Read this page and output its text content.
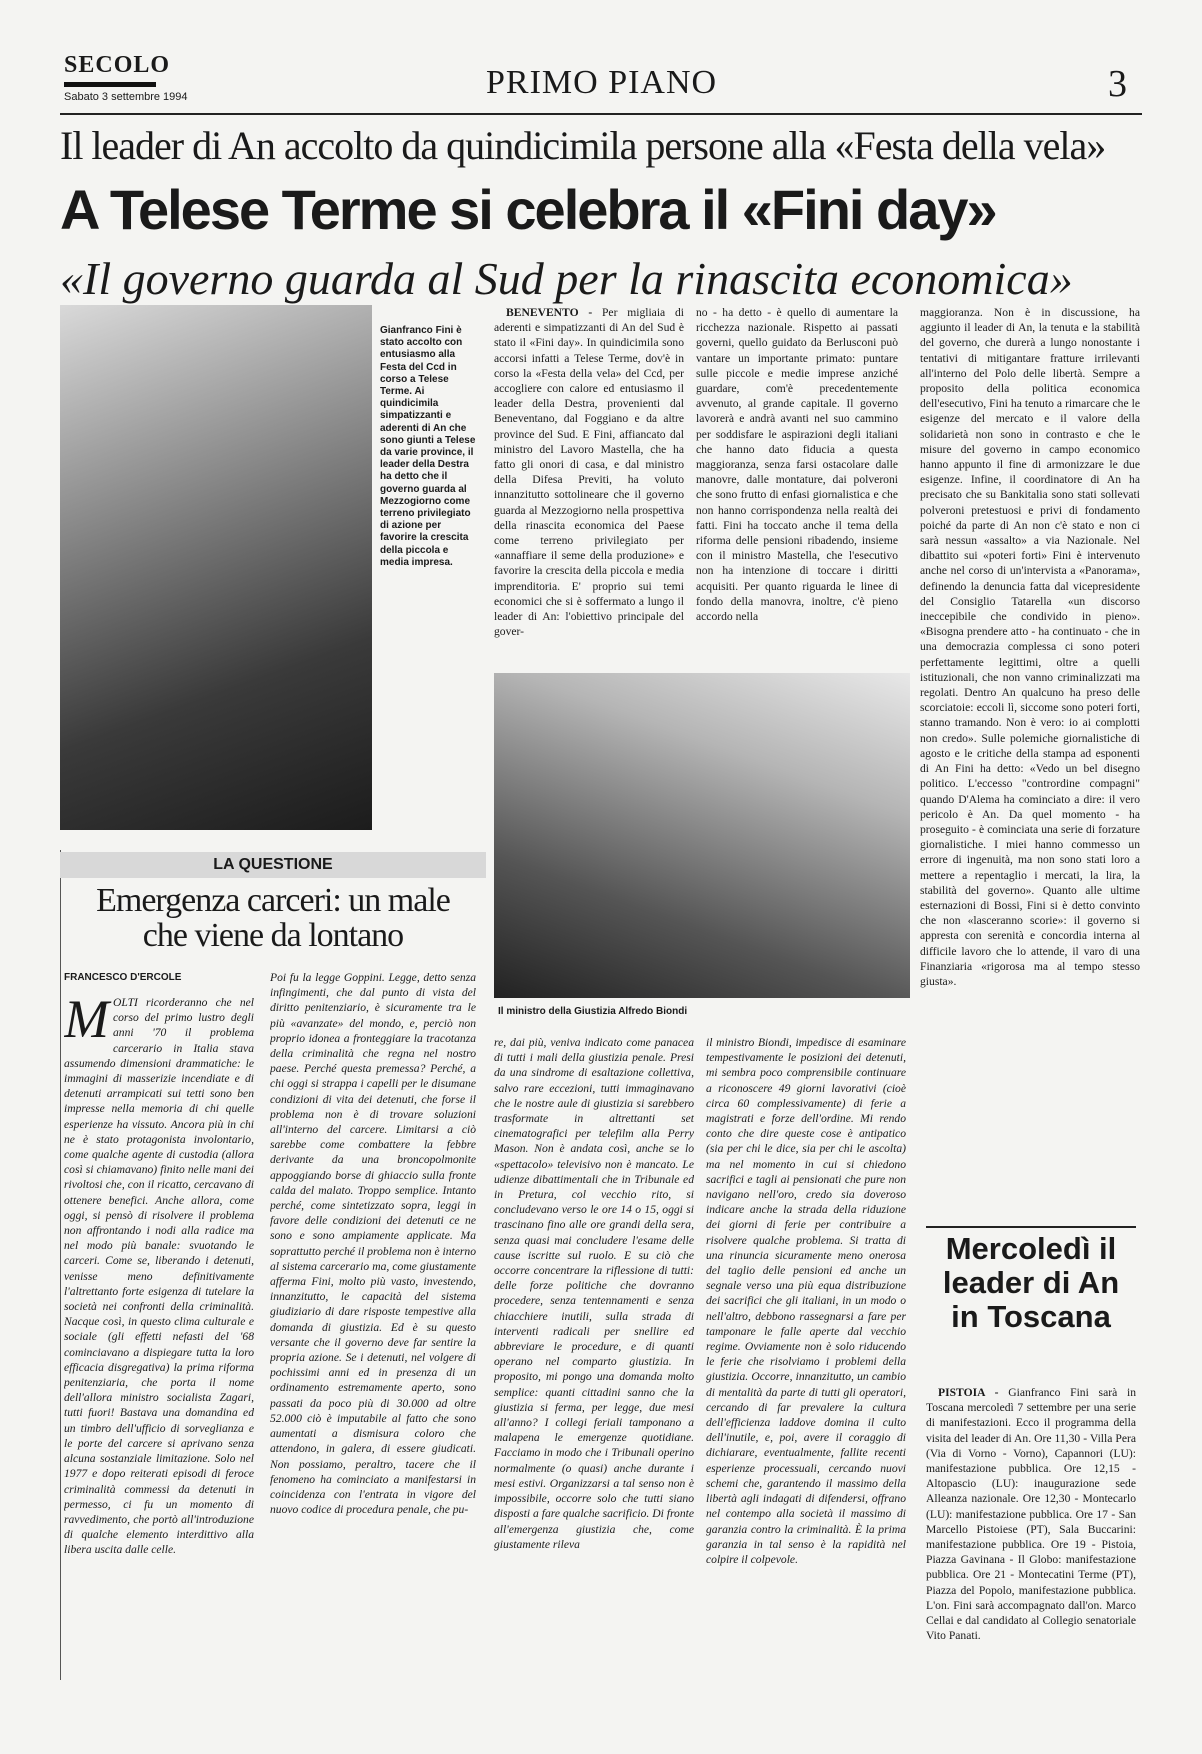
SECOLO
Sabato 3 settembre 1994	PRIMO PIANO	3
Il leader di An accolto da quindicimila persone alla «Festa della vela»
A Telese Terme si celebra il «Fini day»
«Il governo guarda al Sud per la rinascita economica»
Gianfranco Fini è stato accolto con entusiasmo alla Festa del Ccd in corso a Telese Terme. Ai quindicimila simpatizzanti e aderenti di An che sono giunti a Telese da varie province, il leader della Destra ha detto che il governo guarda al Mezzogiorno come terreno privilegiato di azione per favorire la crescita della piccola e media impresa.

BENEVENTO - Per migliaia di aderenti e simpatizzanti di An del Sud è stato il «Fini day». In quindicimila sono accorsi infatti a Telese Terme, dov'è in corso la «Festa della vela» del Ccd, per accogliere con calore ed entusiasmo il leader della Destra, provenienti dal Beneventano, dal Foggiano e da altre province del Sud. E Fini, affiancato dal ministro del Lavoro Mastella, che ha fatto gli onori di casa, e dal ministro della Difesa Previti, ha voluto innanzitutto sottolineare che il governo guarda al Mezzogiorno nella prospettiva della rinascita economica del Paese come terreno privilegiato per «annaffiare il seme della produzione» e favorire la crescita della piccola e media imprenditoria. E' proprio sui temi economici che si è soffermato a lungo il leader di An: l'obiettivo principale del gover-

no - ha detto - è quello di aumentare la ricchezza nazionale. Rispetto ai passati governi, quello guidato da Berlusconi può vantare un importante primato: puntare sulle piccole e medie imprese anziché guardare, com'è precedentemente avvenuto, al grande capitale. Il governo lavorerà e andrà avanti nel suo cammino per soddisfare le aspirazioni degli italiani che hanno dato fiducia a questa maggioranza, senza farsi ostacolare dalle manovre, dalle montature, dai polveroni che sono frutto di enfasi giornalistica e che non hanno corrispondenza nella realtà dei fatti. Fini ha toccato anche il tema della riforma delle pensioni ribadendo, insieme con il ministro Mastella, che l'esecutivo non ha intenzione di toccare i diritti acquisiti. Per quanto riguarda le linee di fondo della manovra, inoltre, c'è pieno accordo nella
maggioranza. Non è in discussione, ha aggiunto il leader di An, la tenuta e la stabilità del governo, che durerà a lungo nonostante i tentativi di mitigantare fratture irrilevanti all'interno del Polo delle libertà. Sempre a proposito della politica economica dell'esecutivo, Fini ha tenuto a rimarcare che le esigenze del mercato e il valore della solidarietà non sono in contrasto e che le misure del governo in campo economico hanno appunto il fine di armonizzare le due esigenze. Infine, il coordinatore di An ha precisato che su Bankitalia sono stati sollevati polveroni pretestuosi e privi di fondamento poiché da parte di An non c'è stato e non ci sarà nessun «assalto» a via Nazionale. Nel dibattito sui «poteri forti» Fini è intervenuto anche nel corso di un'intervista a «Panorama», definendo la denuncia fatta dal vicepresidente del Consiglio Tatarella «un discorso ineccepibile che condivido in pieno». «Bisogna prendere atto - ha continuato - che in una democrazia complessa ci sono poteri perfettamente legittimi, oltre a quelli istituzionali, che non vanno criminalizzati ma regolati. Dentro An qualcuno ha preso delle scorciatoie: eccoli lì, siccome sono poteri forti, stanno tramando. Non è vero: io ai complotti non credo». Sulle polemiche giornalistiche di agosto e le critiche della stampa ad esponenti di An Fini ha detto: «Vedo un bel disegno politico. L'eccesso "contrordine compagni" quando D'Alema ha cominciato a dire: il vero pericolo è An. Da quel momento - ha proseguito - è cominciata una serie di forzature giornalistiche. I miei hanno commesso un errore di ingenuità, ma non sono stati loro a mettere a repentaglio i mercati, la lira, la stabilità del governo». Quanto alle ultime esternazioni di Bossi, Fini si è detto convinto che non «lasceranno scorie»: il governo si appresta con serenità e concordia interna al difficile lavoro che lo attende, il varo di una Finanziaria «rigorosa ma al tempo stesso giusta».
Il ministro della Giustizia Alfredo Biondi
LA QUESTIONE
Emergenza carceri: un male
che viene da lontano
FRANCESCO D'ERCOLE
MOLTI ricorderanno che nel corso del primo lustro degli anni '70 il problema carcerario in Italia stava assumendo dimensioni drammatiche: le immagini di masserizie incendiate e di detenuti arrampicati sui tetti sono ben impresse nella memoria di chi quelle esperienze ha vissuto. Ancora più in chi ne è stato protagonista involontario, come qualche agente di custodia (allora così si chiamavano) finito nelle mani dei rivoltosi che, con il ricatto, cercavano di ottenere benefici. Anche allora, come oggi, si pensò di risolvere il problema non affrontando i nodi alla radice ma nel modo più banale: svuotando le carceri. Come se, liberando i detenuti, venisse meno definitivamente l'altrettanto forte esigenza di tutelare la società nei confronti della criminalità. Nacque così, in questo clima culturale e sociale (gli effetti nefasti del '68 cominciavano a dispiegare tutta la loro efficacia disgregativa) la prima riforma penitenziaria, che porta il nome dell'allora ministro socialista Zagari, tutti fuori! Bastava una domandina ed un timbro dell'ufficio di sorveglianza e le porte del carcere si aprivano senza alcuna sostanziale limitazione. Solo nel 1977 e dopo reiterati episodi di feroce criminalità commessi da detenuti in permesso, ci fu un momento di ravvedimento, che portò all'introduzione di qualche elemento interdittivo alla libera uscita dalle celle.
Poi fu la legge Goppini. Legge, detto senza infingimenti, che dal punto di vista del diritto penitenziario, è sicuramente tra le più «avanzate» del mondo, e, perciò non proprio idonea a fronteggiare la tracotanza della criminalità che regna nel nostro paese. Perché questa premessa? Perché, a chi oggi si strappa i capelli per le disumane condizioni di vita dei detenuti, che forse il problema non è di trovare soluzioni all'interno del carcere. Limitarsi a ciò sarebbe come combattere la febbre derivante da una broncopolmonite appoggiando borse di ghiaccio sulla fronte calda del malato. Troppo semplice. Intanto perché, come sintetizzato sopra, leggi in favore delle condizioni dei detenuti ce ne sono e sono ampiamente applicate. Ma soprattutto perché il problema non è interno al sistema carcerario ma, come giustamente afferma Fini, molto più vasto, investendo, innanzitutto, le capacità del sistema giudiziario di dare risposte tempestive alla domanda di giustizia. Ed è su questo versante che il governo deve far sentire la propria azione. Se i detenuti, nel volgere di pochissimi anni ed in presenza di un ordinamento estremamente aperto, sono passati da poco più di 30.000 ad oltre 52.000 ciò è imputabile al fatto che sono aumentati a dismisura coloro che attendono, in galera, di essere giudicati. Non possiamo, peraltro, tacere che il fenomeno ha cominciato a manifestarsi in coincidenza con l'entrata in vigore del nuovo codice di procedura penale, che pu-
re, dai più, veniva indicato come panacea di tutti i mali della giustizia penale. Presi da una sindrome di esaltazione collettiva, salvo rare eccezioni, tutti immaginavano che le nostre aule di giustizia si sarebbero trasformate in altrettanti set cinematografici per telefilm alla Perry Mason. Non è andata così, anche se lo «spettacolo» televisivo non è mancato. Le udienze dibattimentali che in Tribunale ed in Pretura, col vecchio rito, si concludevano verso le ore 14 o 15, oggi si trascinano fino alle ore grandi della sera, senza quasi mai concludere l'esame delle cause iscritte sul ruolo. E su ciò che occorre concentrare la riflessione di tutti: delle forze politiche che dovranno procedere, senza tentennamenti e senza chiacchiere inutili, sulla strada di interventi radicali per snellire ed abbreviare le procedure, e di quanti operano nel comparto giustizia. In proposito, mi pongo una domanda molto semplice: quanti cittadini sanno che la giustizia si ferma, per legge, due mesi all'anno? I collegi feriali tamponano a malapena le emergenze quotidiane. Facciamo in modo che i Tribunali operino normalmente (o quasi) anche durante i mesi estivi. Organizzarsi a tal senso non è impossibile, occorre solo che tutti siano disposti a fare qualche sacrificio. Di fronte all'emergenza giustizia che, come giustamente rileva
il ministro Biondi, impedisce di esaminare tempestivamente le posizioni dei detenuti, mi sembra poco comprensibile continuare a riconoscere 49 giorni lavorativi (cioè circa 60 complessivamente) di ferie a magistrati e forze dell'ordine. Mi rendo conto che dire queste cose è antipatico (sia per chi le dice, sia per chi le ascolta) ma nel momento in cui si chiedono sacrifici e tagli ai pensionati che pure non navigano nell'oro, credo sia doveroso indicare anche la strada della riduzione dei giorni di ferie per contribuire a risolvere qualche problema. Si tratta di una rinuncia sicuramente meno onerosa del taglio delle pensioni ed anche un segnale verso una più equa distribuzione dei sacrifici che gli italiani, in un modo o nell'altro, debbono rassegnarsi a fare per tamponare le falle aperte dal vecchio regime. Ovviamente non è solo riducendo le ferie che risolviamo i problemi della giustizia. Occorre, innanzitutto, un cambio di mentalità da parte di tutti gli operatori, cercando di far prevalere la cultura dell'efficienza laddove domina il culto dell'inutile, e, poi, avere il coraggio di dichiarare, eventualmente, fallite recenti esperienze processuali, cercando nuovi schemi che, garantendo il massimo della libertà agli indagati di difendersi, offrano nel contempo alla società il massimo di garanzia contro la criminalità. È la prima garanzia in tal senso è la rapidità nel colpire il colpevole.
Mercoledì il leader di An in Toscana

PISTOIA - Gianfranco Fini sarà in Toscana mercoledì 7 settembre per una serie di manifestazioni. Ecco il programma della visita del leader di An. Ore 11,30 - Villa Pera (Via di Vorno - Vorno), Capannori (LU): manifestazione pubblica. Ore 12,15 - Altopascio (LU): inaugurazione sede Alleanza nazionale. Ore 12,30 - Montecarlo (LU): manifestazione pubblica. Ore 17 - San Marcello Pistoiese (PT), Sala Buccarini: manifestazione pubblica. Ore 19 - Pistoia, Piazza Gavinana - Il Globo: manifestazione pubblica. Ore 21 - Montecatini Terme (PT), Piazza del Popolo, manifestazione pubblica. L'on. Fini sarà accompagnato dall'on. Marco Cellai e dal candidato al Collegio senatoriale Vito Panati.
